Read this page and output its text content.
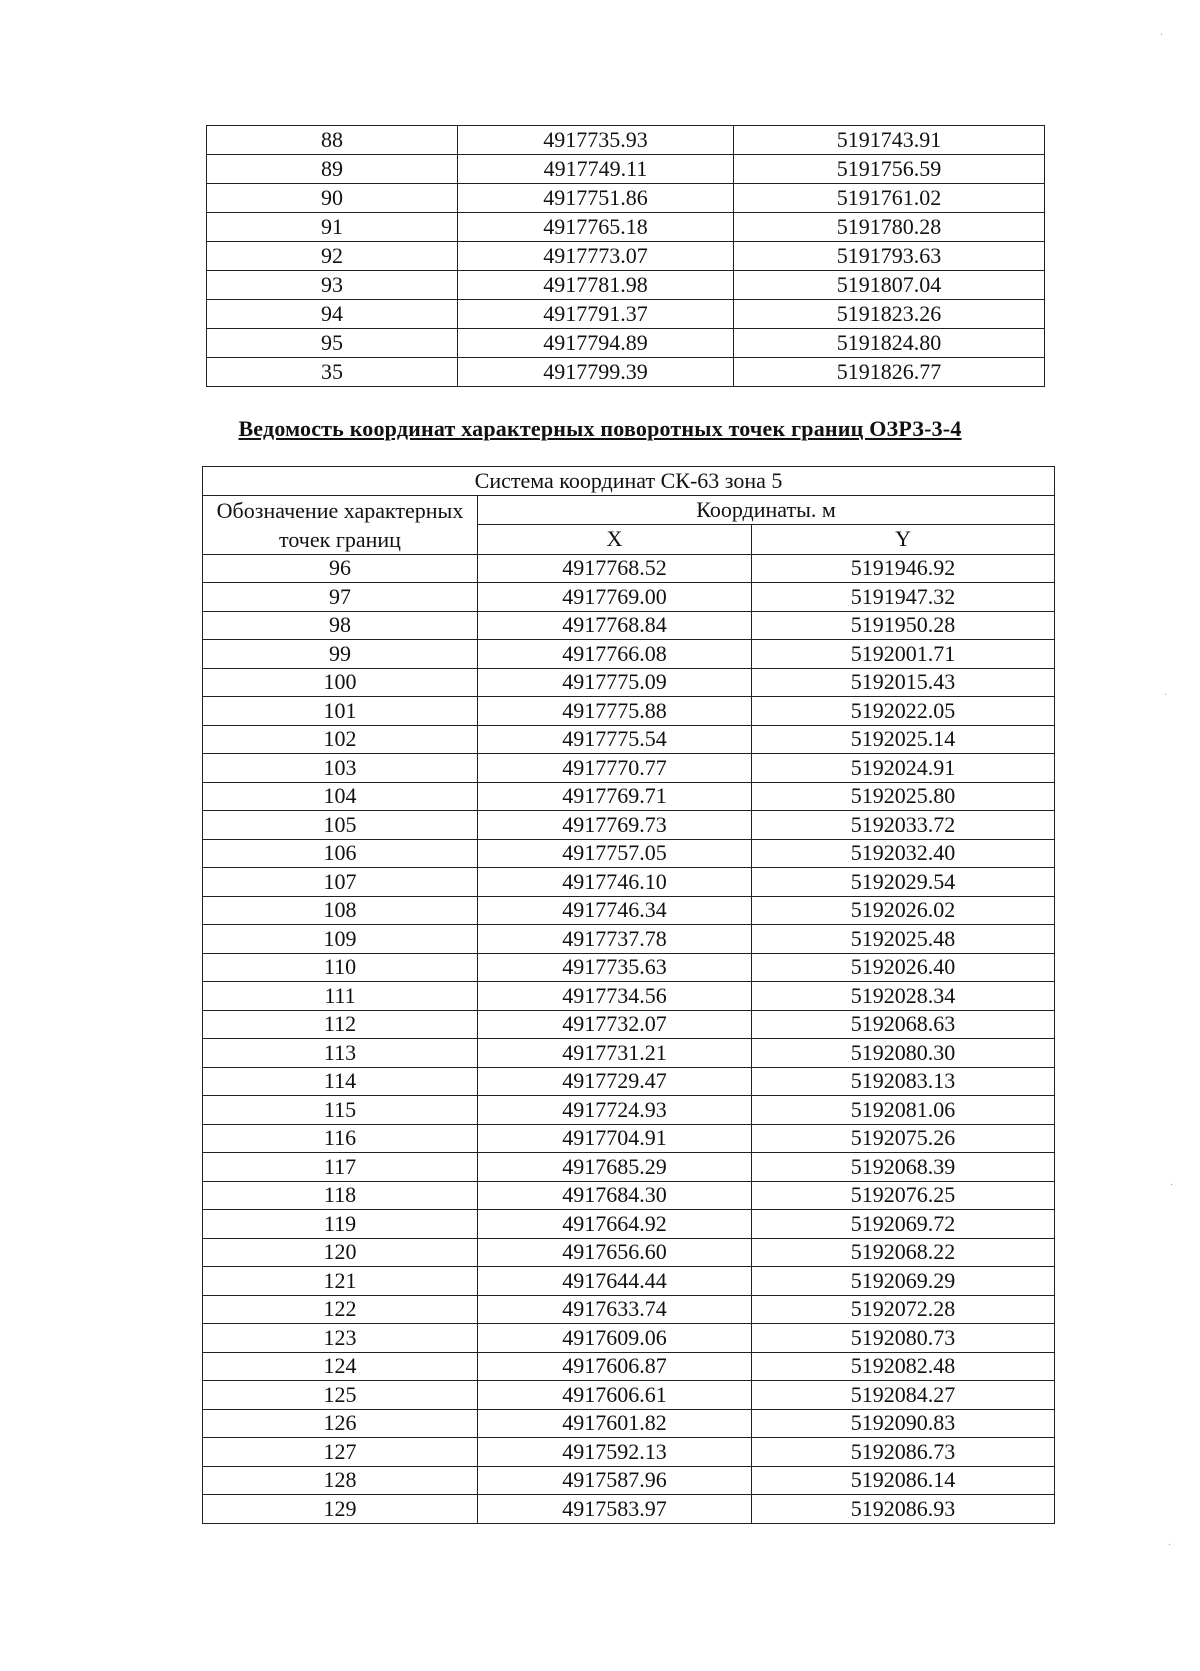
88	4917735.93	5191743.91
89	4917749.11	5191756.59
90	4917751.86	5191761.02
91	4917765.18	5191780.28
92	4917773.07	5191793.63
93	4917781.98	5191807.04
94	4917791.37	5191823.26
95	4917794.89	5191824.80
35	4917799.39	5191826.77
Ведомость координат характерных поворотных точек границ ОЗРЗ-3-4
Система координат СК-63 зона 5		
Обозначение характерных точек границ	Координаты. м	
	X	Y
96	4917768.52	5191946.92
97	4917769.00	5191947.32
98	4917768.84	5191950.28
99	4917766.08	5192001.71
100	4917775.09	5192015.43
101	4917775.88	5192022.05
102	4917775.54	5192025.14
103	4917770.77	5192024.91
104	4917769.71	5192025.80
105	4917769.73	5192033.72
106	4917757.05	5192032.40
107	4917746.10	5192029.54
108	4917746.34	5192026.02
109	4917737.78	5192025.48
110	4917735.63	5192026.40
111	4917734.56	5192028.34
112	4917732.07	5192068.63
113	4917731.21	5192080.30
114	4917729.47	5192083.13
115	4917724.93	5192081.06
116	4917704.91	5192075.26
117	4917685.29	5192068.39
118	4917684.30	5192076.25
119	4917664.92	5192069.72
120	4917656.60	5192068.22
121	4917644.44	5192069.29
122	4917633.74	5192072.28
123	4917609.06	5192080.73
124	4917606.87	5192082.48
125	4917606.61	5192084.27
126	4917601.82	5192090.83
127	4917592.13	5192086.73
128	4917587.96	5192086.14
129	4917583.97	5192086.93
·
·
·
·
